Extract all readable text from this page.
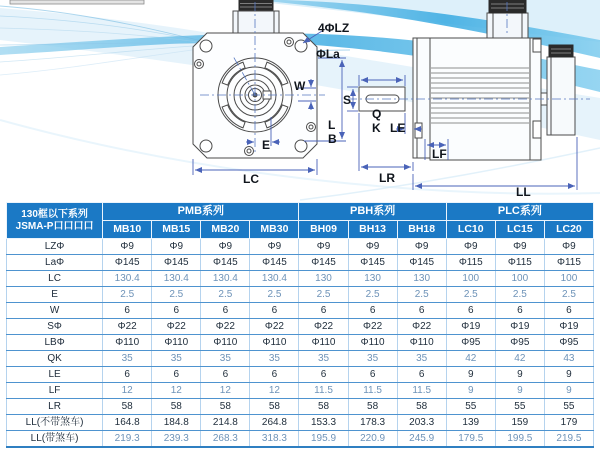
4ΦLZ
ΦLa
W
E
LC
S
Q
K LE
L
B
LR
LF
LL
130框以下系列
JSMA-P口口口口	PMB系列				PBH系列			PLC系列		
	MB10	MB15	MB20	MB30	BH09	BH13	BH18	LC10	LC15	LC20
LZΦ	Φ9	Φ9	Φ9	Φ9	Φ9	Φ9	Φ9	Φ9	Φ9	Φ9
LaΦ	Φ145	Φ145	Φ145	Φ145	Φ145	Φ145	Φ145	Φ115	Φ115	Φ115
LC	130.4	130.4	130.4	130.4	130	130	130	100	100	100
E	2.5	2.5	2.5	2.5	2.5	2.5	2.5	2.5	2.5	2.5
W	6	6	6	6	6	6	6	6	6	6
SΦ	Φ22	Φ22	Φ22	Φ22	Φ22	Φ22	Φ22	Φ19	Φ19	Φ19
LBΦ	Φ110	Φ110	Φ110	Φ110	Φ110	Φ110	Φ110	Φ95	Φ95	Φ95
QK	35	35	35	35	35	35	35	42	42	43
LE	6	6	6	6	6	6	6	9	9	9
LF	12	12	12	12	11.5	11.5	11.5	9	9	9
LR	58	58	58	58	58	58	58	55	55	55
LL(不带煞车)	164.8	184.8	214.8	264.8	153.3	178.3	203.3	139	159	179
LL(带煞车)	219.3	239.3	268.3	318.3	195.9	220.9	245.9	179.5	199.5	219.5
